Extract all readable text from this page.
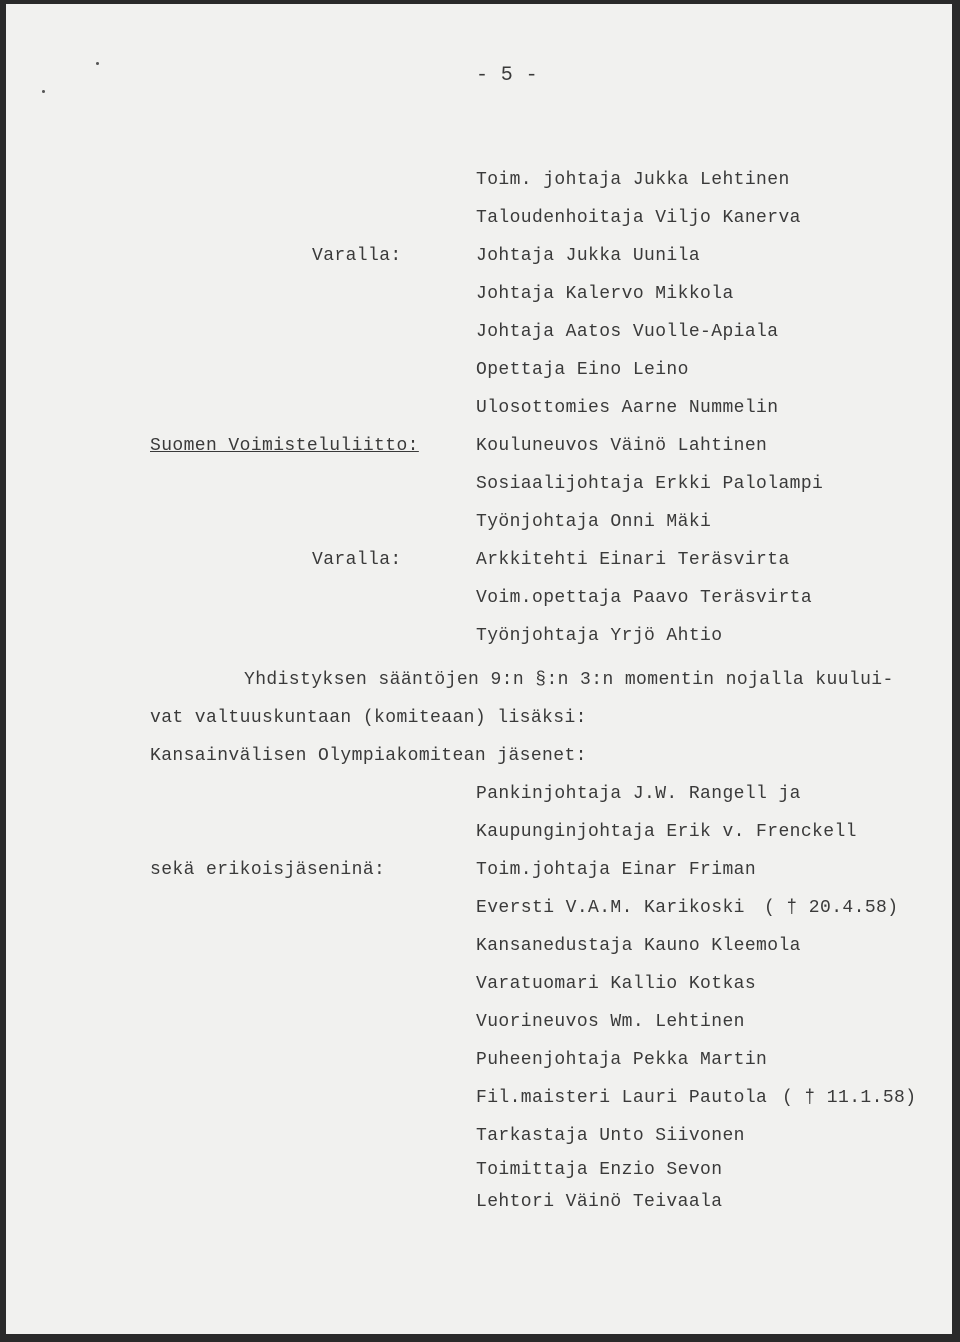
- 5 -
Toim. johtaja Jukka Lehtinen
Taloudenhoitaja Viljo Kanerva
Johtaja Jukka Uunila
Johtaja Kalervo Mikkola
Johtaja Aatos Vuolle-Apiala
Opettaja Eino Leino
Ulosottomies Aarne Nummelin
Kouluneuvos Väinö Lahtinen
Sosiaalijohtaja Erkki Palolampi
Työnjohtaja Onni Mäki
Arkkitehti Einari Teräsvirta
Voim.opettaja Paavo Teräsvirta
Työnjohtaja Yrjö Ahtio
Varalla:
Suomen Voimisteluliitto:
Varalla:
Yhdistyksen sääntöjen 9:n §:n 3:n momentin nojalla kuului-
vat valtuuskuntaan (komiteaan) lisäksi:
Kansainvälisen Olympiakomitean jäsenet:
Pankinjohtaja J.W. Rangell ja
Kaupunginjohtaja Erik v. Frenckell
sekä erikoisjäseninä:	Toim.johtaja Einar Friman
Eversti V.A.M. Karikoski ( † 20.4.58)
Kansanedustaja Kauno Kleemola
Varatuomari Kallio Kotkas
Vuorineuvos Wm. Lehtinen
Puheenjohtaja Pekka Martin
Fil.maisteri Lauri Pautola ( † 11.1.58)
Tarkastaja Unto Siivonen
Toimittaja Enzio Sevon
Lehtori Väinö Teivaala
